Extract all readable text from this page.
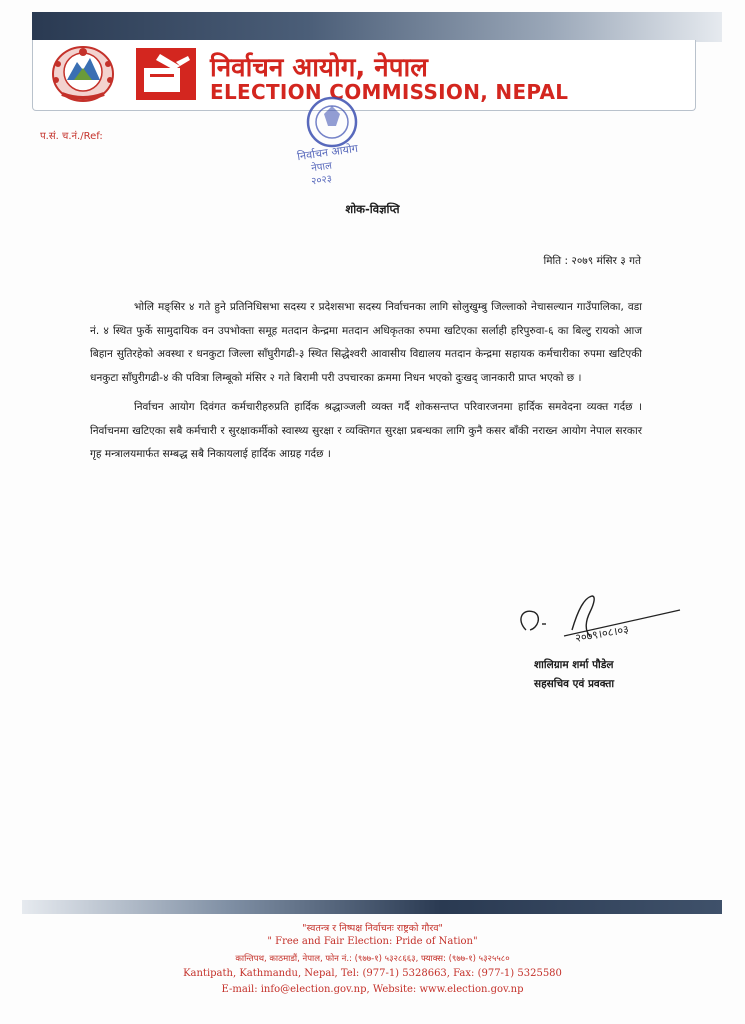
निर्वाचन आयोग, नेपाल
ELECTION COMMISSION, NEPAL
प.सं. च.नं./Ref:
निर्वाचन आयोग
नेपाल
२०२३
शोक-विज्ञप्ति
मिति : २०७९ मंसिर ३ गते

भोलि मङ्सिर ४ गते हुने प्रतिनिधिसभा सदस्य र प्रदेशसभा सदस्य निर्वाचनका लागि सोलुखुम्बु जिल्लाको नेचासल्यान गाउँपालिका, वडा नं. ४ स्थित फुर्के सामुदायिक वन उपभोक्ता समूह मतदान केन्द्रमा मतदान अधिकृतका रुपमा खटिएका सर्लाही हरिपुरुवा-६ का बिल्टु रायको आज बिहान सुतिरहेको अवस्था र धनकुटा जिल्ला साँघुरीगढी-३ स्थित सिद्धेश्वरी आवासीय विद्यालय मतदान केन्द्रमा सहायक कर्मचारीका रुपमा खटिएकी धनकुटा साँघुरीगढी-४ की पवित्रा लिम्बूको मंसिर २ गते बिरामी परी उपचारका क्रममा निधन भएको दुःखद् जानकारी प्राप्त भएको छ ।

निर्वाचन आयोग दिवंगत कर्मचारीहरुप्रति हार्दिक श्रद्धाञ्जली व्यक्त गर्दै शोकसन्तप्त परिवारजनमा हार्दिक समवेदना व्यक्त गर्दछ । निर्वाचनमा खटिएका सबै कर्मचारी र सुरक्षाकर्मीको स्वास्थ्य सुरक्षा र व्यक्तिगत सुरक्षा प्रबन्धका लागि कुनै कसर बाँकी नराख्न आयोग नेपाल सरकार गृह मन्त्रालयमार्फत सम्बद्ध सबै निकायलाई हार्दिक आग्रह गर्दछ ।

२०७९।०८।०३
शालिग्राम शर्मा पौडेल
सहसचिव एवं प्रवक्ता
"स्वतन्त्र र निष्पक्ष निर्वाचनः राष्ट्रको गौरव"
" Free and Fair Election: Pride of Nation"
कान्तिपथ, काठमाडौं, नेपाल, फोन नं.: (९७७-१) ५३२८६६३, फ्याक्स: (९७७-१) ५३२५५८०
Kantipath, Kathmandu, Nepal, Tel: (977-1) 5328663, Fax: (977-1) 5325580
E-mail: info@election.gov.np, Website: www.election.gov.np
